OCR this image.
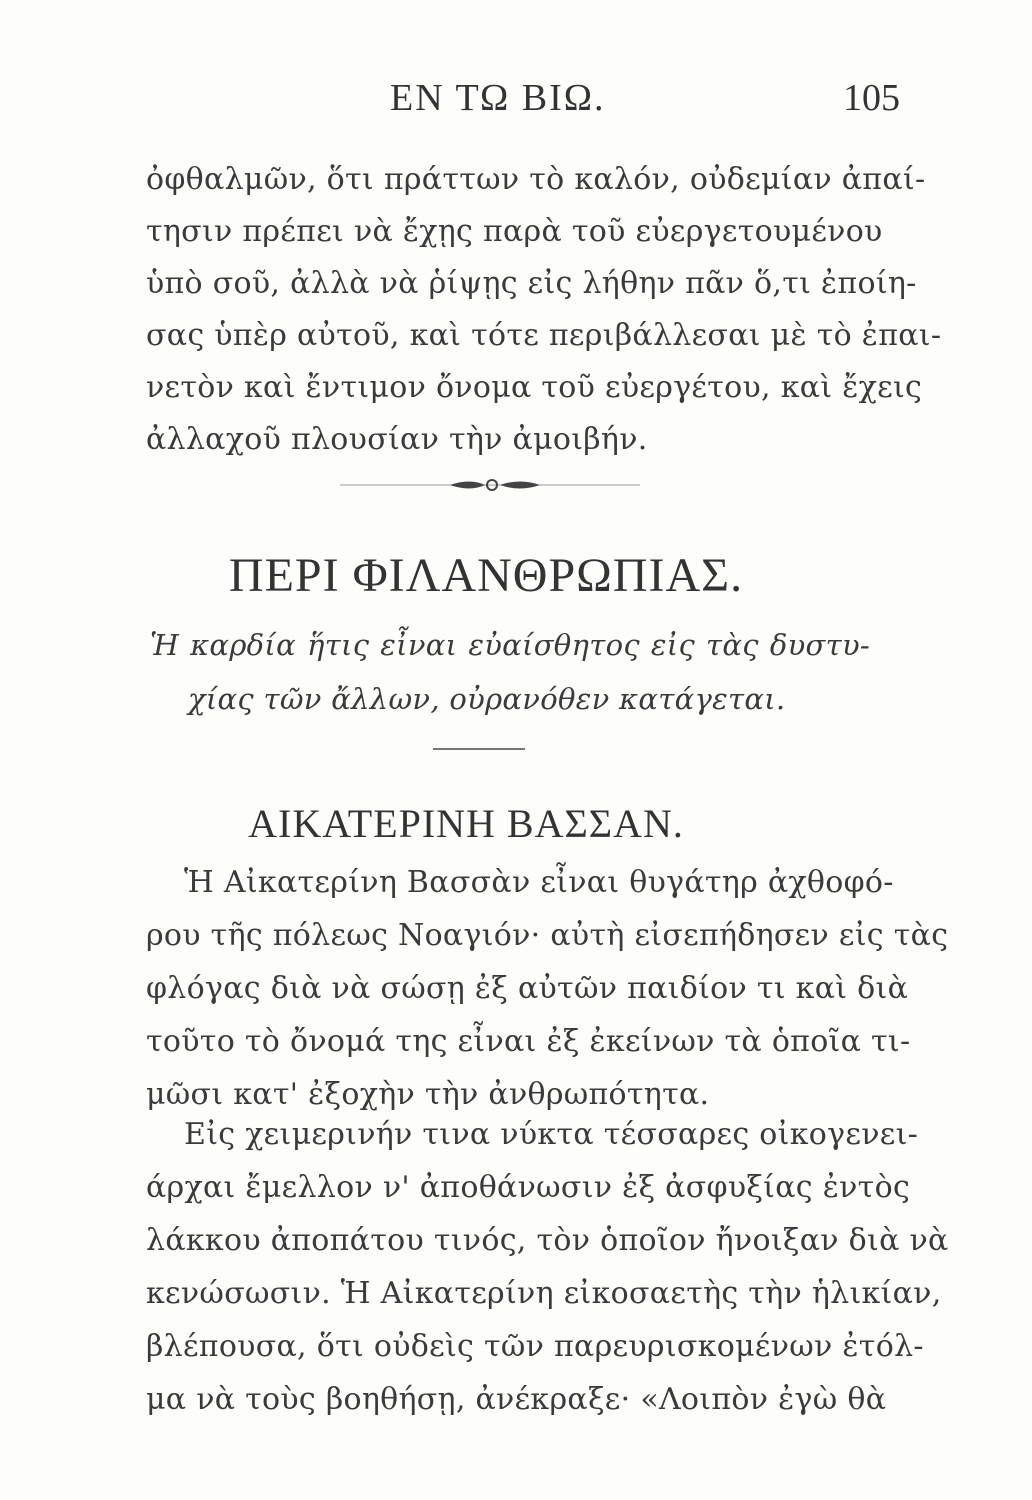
ΕΝ ΤΩ ΒΙΩ.	105
ὀφθαλμῶν, ὅτι πράττων τὸ καλόν, οὐδεμίαν ἀπαί-
τησιν πρέπει νὰ ἔχῃς παρὰ τοῦ εὐεργετουμένου
ὑπὸ σοῦ, ἀλλὰ νὰ ῥίψῃς εἰς λήθην πᾶν ὅ,τι ἐποίη-
σας ὑπὲρ αὐτοῦ, καὶ τότε περιβάλλεσαι μὲ τὸ ἐπαι-
νετὸν καὶ ἔντιμον ὄνομα τοῦ εὐεργέτου, καὶ ἔχεις
ἀλλαχοῦ πλουσίαν τὴν ἀμοιβήν.
ΠΕΡΙ ΦΙΛΑΝΘΡΩΠΙΑΣ.
Ἡ καρδία ἥτις εἶναι εὐαίσθητος εἰς τὰς δυστυ-
χίας τῶν ἄλλων, οὐρανόθεν κατάγεται.
ΑΙΚΑΤΕΡΙΝΗ ΒΑΣΣΑΝ.
Ἡ Αἰκατερίνη Βασσὰν εἶναι θυγάτηρ ἀχθοφό-
ρου τῆς πόλεως Νοαγιόν· αὐτὴ εἰσεπήδησεν εἰς τὰς
φλόγας διὰ νὰ σώσῃ ἐξ αὐτῶν παιδίον τι καὶ διὰ
τοῦτο τὸ ὄνομά της εἶναι ἐξ ἐκείνων τὰ ὁποῖα τι-
μῶσι κατ' ἐξοχὴν τὴν ἀνθρωπότητα.
Εἰς χειμερινήν τινα νύκτα τέσσαρες οἰκογενει-
άρχαι ἔμελλον ν' ἀποθάνωσιν ἐξ ἀσφυξίας ἐντὸς
λάκκου ἀποπάτου τινός, τὸν ὁποῖον ἤνοιξαν διὰ νὰ
κενώσωσιν. Ἡ Αἰκατερίνη εἰκοσαετὴς τὴν ἡλικίαν,
βλέπουσα, ὅτι οὐδεὶς τῶν παρευρισκομένων ἐτόλ-
μα νὰ τοὺς βοηθήσῃ, ἀνέκραξε· «Λοιπὸν ἐγὼ θὰ
